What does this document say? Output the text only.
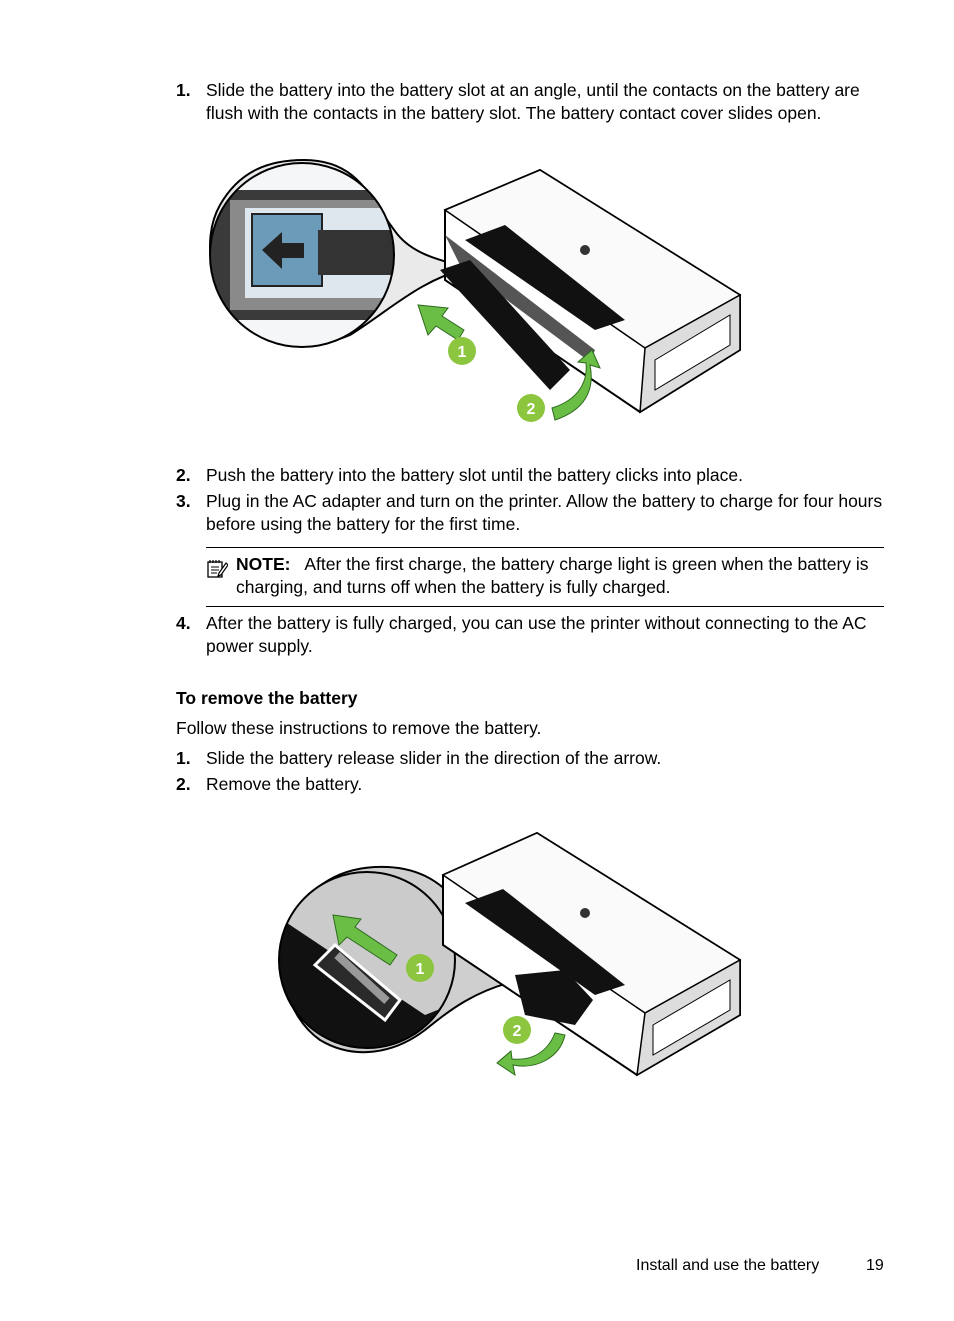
1. Slide the battery into the battery slot at an angle, until the contacts on the battery are flush with the contacts in the battery slot. The battery contact cover slides open.
1
2
2. Push the battery into the battery slot until the battery clicks into place.
3. Plug in the AC adapter and turn on the printer. Allow the battery to charge for four hours before using the battery for the first time.
NOTE: After the first charge, the battery charge light is green when the battery is charging, and turns off when the battery is fully charged.
4. After the battery is fully charged, you can use the printer without connecting to the AC power supply.
To remove the battery
Follow these instructions to remove the battery.
1. Slide the battery release slider in the direction of the arrow.
2. Remove the battery.
1
2
Install and use the battery	19
